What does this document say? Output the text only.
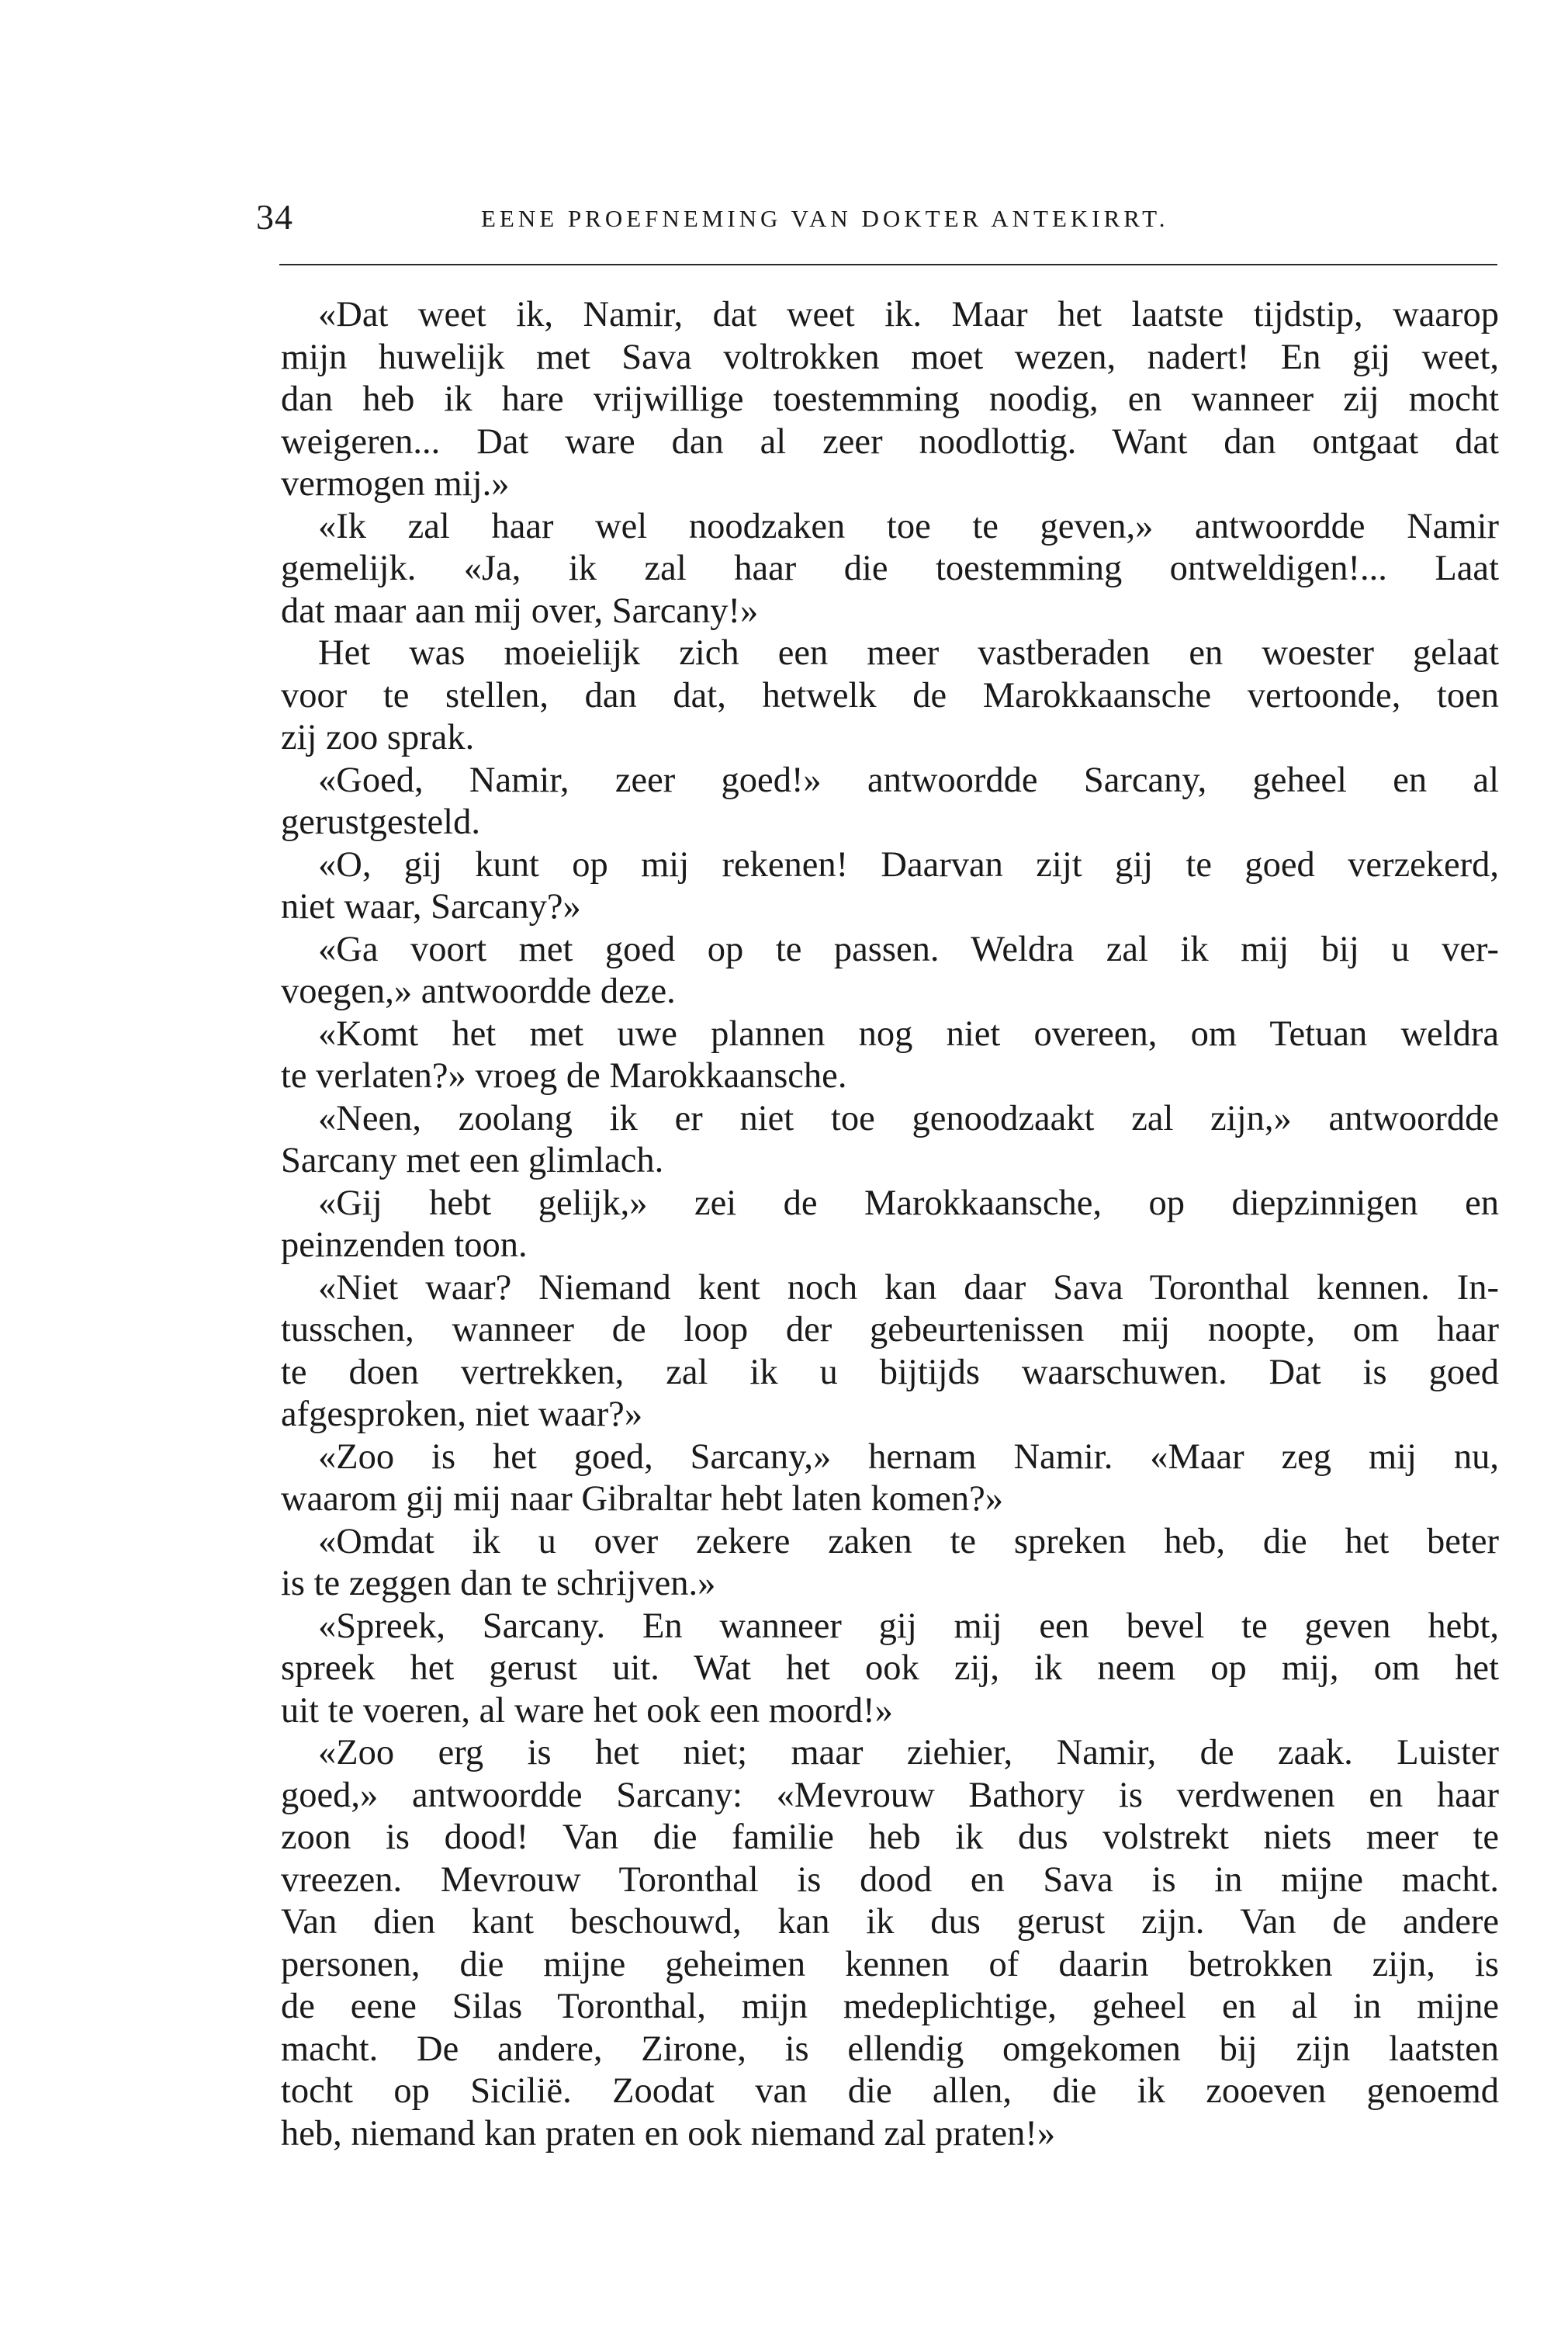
34	EENE PROEFNEMING VAN DOKTER ANTEKIRRT.
«Dat weet ik, Namir, dat weet ik. Maar het laatste tijdstip, waarop
mijn huwelijk met Sava voltrokken moet wezen, nadert! En gij weet,
dan heb ik hare vrijwillige toestemming noodig, en wanneer zij mocht
weigeren... Dat ware dan al zeer noodlottig. Want dan ontgaat dat
vermogen mij.»
«Ik zal haar wel noodzaken toe te geven,» antwoordde Namir
gemelijk. «Ja, ik zal haar die toestemming ontweldigen!... Laat
dat maar aan mij over, Sarcany!»
Het was moeielijk zich een meer vastberaden en woester gelaat
voor te stellen, dan dat, hetwelk de Marokkaansche vertoonde, toen
zij zoo sprak.
«Goed, Namir, zeer goed!» antwoordde Sarcany, geheel en al
gerustgesteld.
«O, gij kunt op mij rekenen! Daarvan zijt gij te goed verzekerd,
niet waar, Sarcany?»
«Ga voort met goed op te passen. Weldra zal ik mij bij u ver-
voegen,» antwoordde deze.
«Komt het met uwe plannen nog niet overeen, om Tetuan weldra
te verlaten?» vroeg de Marokkaansche.
«Neen, zoolang ik er niet toe genoodzaakt zal zijn,» antwoordde
Sarcany met een glimlach.
«Gij hebt gelijk,» zei de Marokkaansche, op diepzinnigen en
peinzenden toon.
«Niet waar? Niemand kent noch kan daar Sava Toronthal kennen. In-
tusschen, wanneer de loop der gebeurtenissen mij noopte, om haar
te doen vertrekken, zal ik u bijtijds waarschuwen. Dat is goed
afgesproken, niet waar?»
«Zoo is het goed, Sarcany,» hernam Namir. «Maar zeg mij nu,
waarom gij mij naar Gibraltar hebt laten komen?»
«Omdat ik u over zekere zaken te spreken heb, die het beter
is te zeggen dan te schrijven.»
«Spreek, Sarcany. En wanneer gij mij een bevel te geven hebt,
spreek het gerust uit. Wat het ook zij, ik neem op mij, om het
uit te voeren, al ware het ook een moord!»
«Zoo erg is het niet; maar ziehier, Namir, de zaak. Luister
goed,» antwoordde Sarcany: «Mevrouw Bathory is verdwenen en haar
zoon is dood! Van die familie heb ik dus volstrekt niets meer te
vreezen. Mevrouw Toronthal is dood en Sava is in mijne macht.
Van dien kant beschouwd, kan ik dus gerust zijn. Van de andere
personen, die mijne geheimen kennen of daarin betrokken zijn, is
de eene Silas Toronthal, mijn medeplichtige, geheel en al in mijne
macht. De andere, Zirone, is ellendig omgekomen bij zijn laatsten
tocht op Sicilië. Zoodat van die allen, die ik zooeven genoemd
heb, niemand kan praten en ook niemand zal praten!»
